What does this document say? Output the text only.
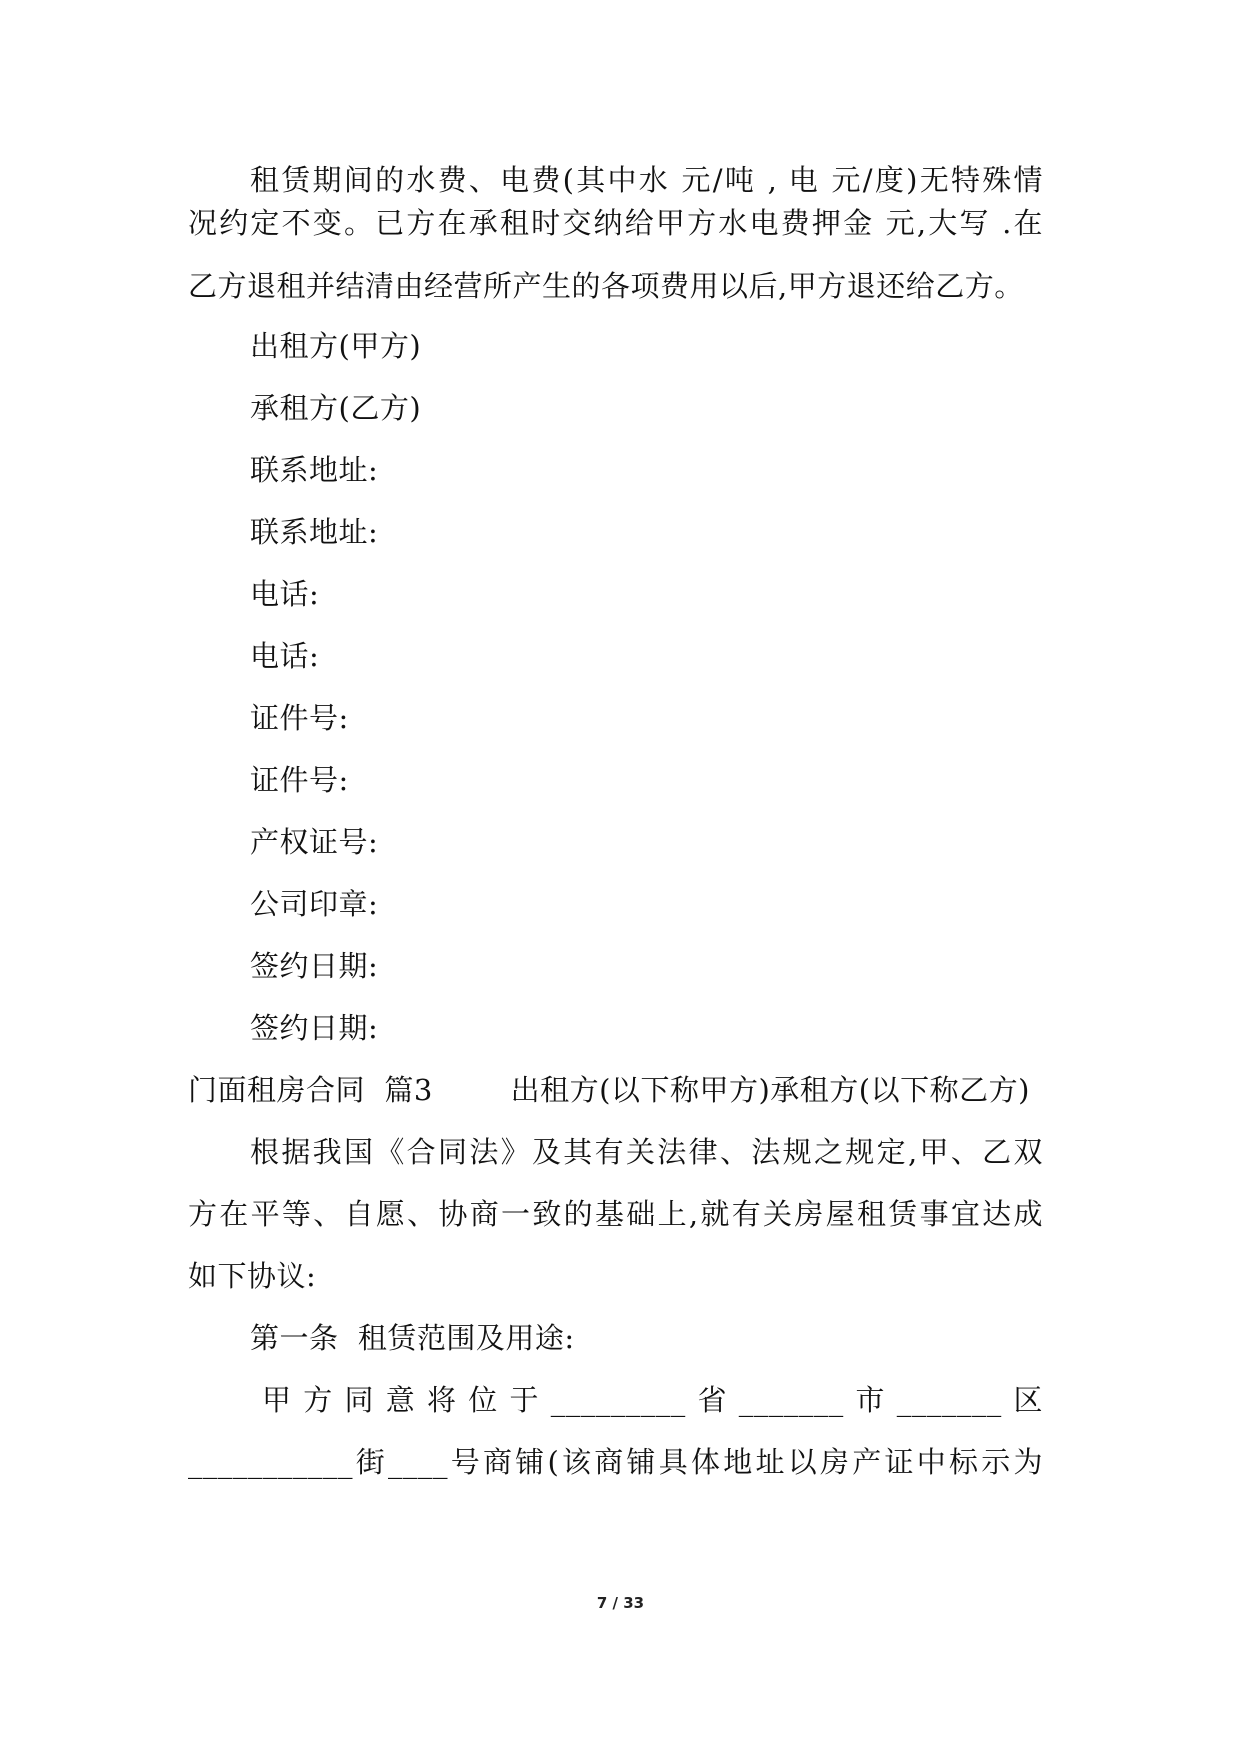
租赁期间的水费、电费(其中水 元/吨 , 电 元/度)无特殊情
况约定不变。已方在承租时交纳给甲方水电费押金 元,大写 .在
乙方退租并结清由经营所产生的各项费用以后,甲方退还给乙方。
出租方(甲方)
承租方(乙方)
联系地址:
联系地址:
电话:
电话:
证件号:
证件号:
产权证号:
公司印章:
签约日期:
签约日期:
门面租房合同  篇3        出租方(以下称甲方)承租方(以下称乙方)
根据我国《合同法》及其有关法律、法规之规定,甲、乙双
方在平等、自愿、协商一致的基础上,就有关房屋租赁事宜达成
如下协议:
第一条  租赁范围及用途:
甲方同意将位于_________省_______市_______区
___________街____号商铺(该商铺具体地址以房产证中标示为
7 / 33
